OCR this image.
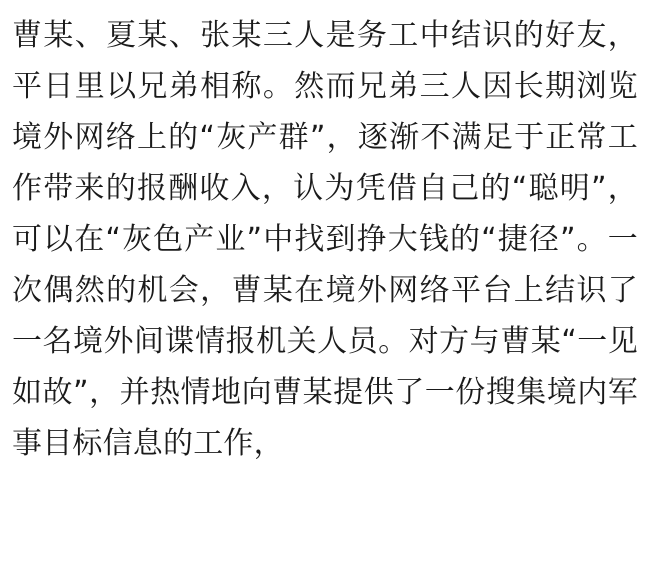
曹某、夏某、张某三人是务工中结识的好友，平日里以兄弟相称。然而兄弟三人因长期浏览境外网络上的“灰产群”，逐渐不满足于正常工作带来的报酬收入，认为凭借自己的“聪明”，可以在“灰色产业”中找到挣大钱的“捷径”。一次偶然的机会，曹某在境外网络平台上结识了一名境外间谍情报机关人员。对方与曹某“一见如故”，并热情地向曹某提供了一份搜集境内军事目标信息的工作，
